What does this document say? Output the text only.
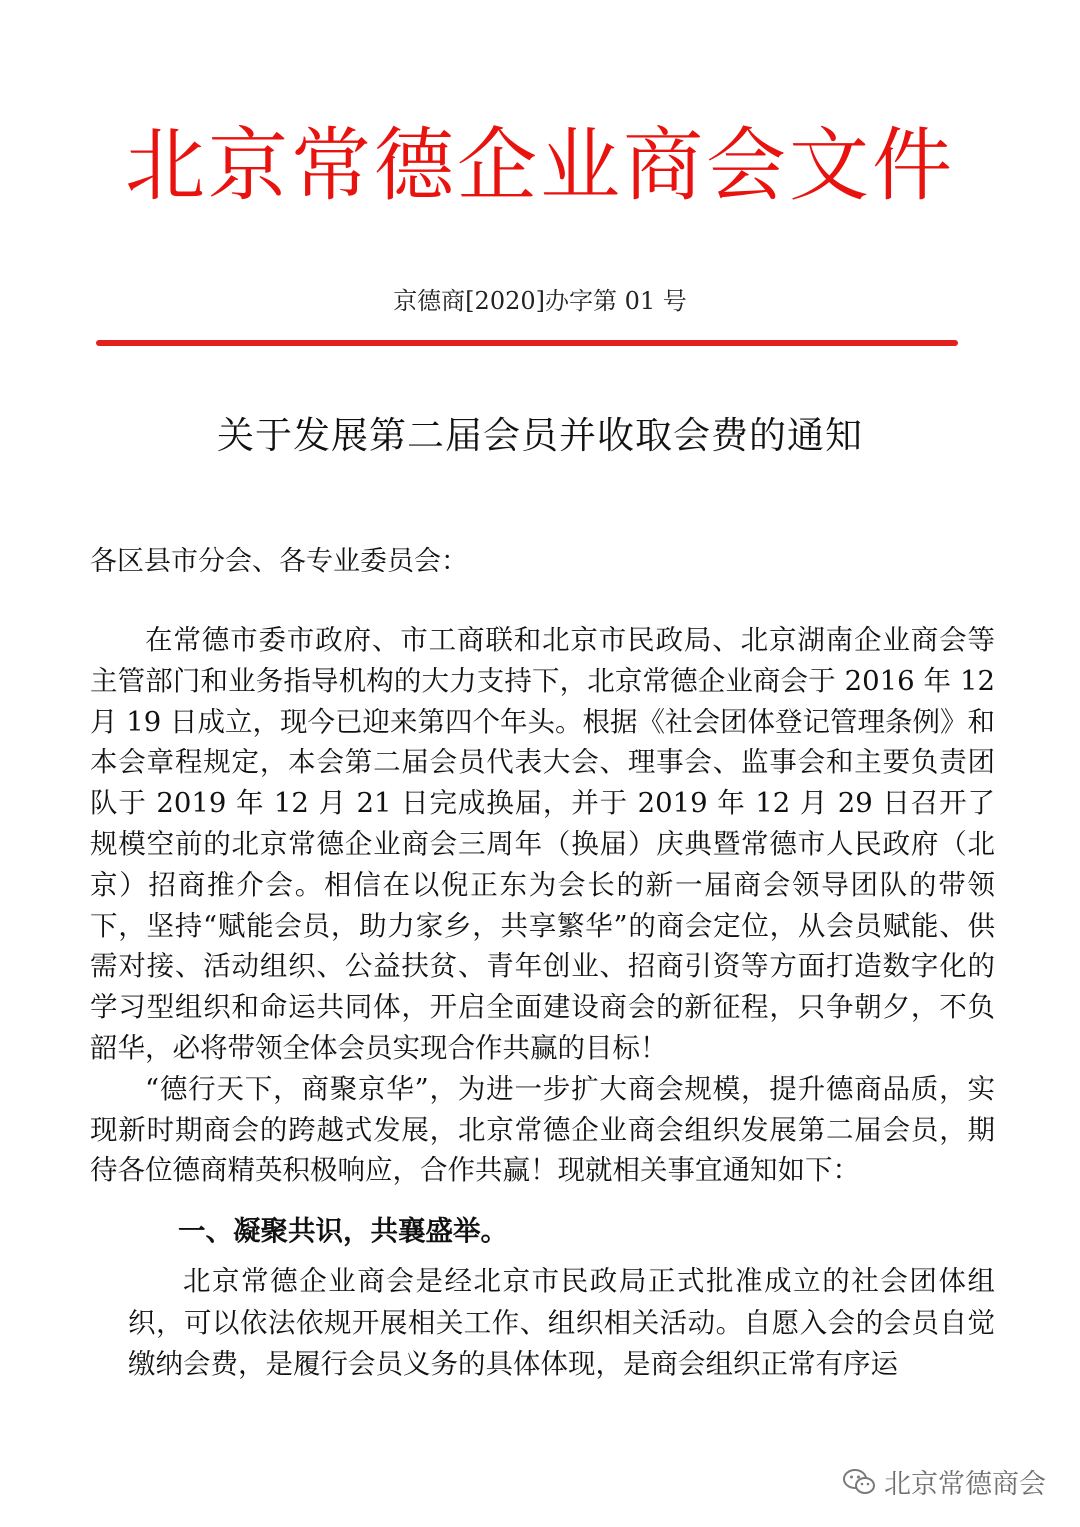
北京常德企业商会文件
京德商[2020]办字第 01 号
关于发展第二届会员并收取会费的通知
各区县市分会、各专业委员会：

在常德市委市政府、市工商联和北京市民政局、北京湖南企业商会等主管部门和业务指导机构的大力支持下，北京常德企业商会于 2016 年 12 月 19 日成立，现今已迎来第四个年头。根据《社会团体登记管理条例》和本会章程规定，本会第二届会员代表大会、理事会、监事会和主要负责团队于 2019 年 12 月 21 日完成换届，并于 2019 年 12 月 29 日召开了规模空前的北京常德企业商会三周年（换届）庆典暨常德市人民政府（北京）招商推介会。相信在以倪正东为会长的新一届商会领导团队的带领下，坚持“赋能会员，助力家乡，共享繁华”的商会定位，从会员赋能、供需对接、活动组织、公益扶贫、青年创业、招商引资等方面打造数字化的学习型组织和命运共同体，开启全面建设商会的新征程，只争朝夕，不负韶华，必将带领全体会员实现合作共赢的目标！

“德行天下，商聚京华”，为进一步扩大商会规模，提升德商品质，实现新时期商会的跨越式发展，北京常德企业商会组织发展第二届会员，期待各位德商精英积极响应，合作共赢！现就相关事宜通知如下：

一、凝聚共识，共襄盛举。

北京常德企业商会是经北京市民政局正式批准成立的社会团体组织，可以依法依规开展相关工作、组织相关活动。自愿入会的会员自觉缴纳会费，是履行会员义务的具体体现，是商会组织正常有序运

北京常德商会
